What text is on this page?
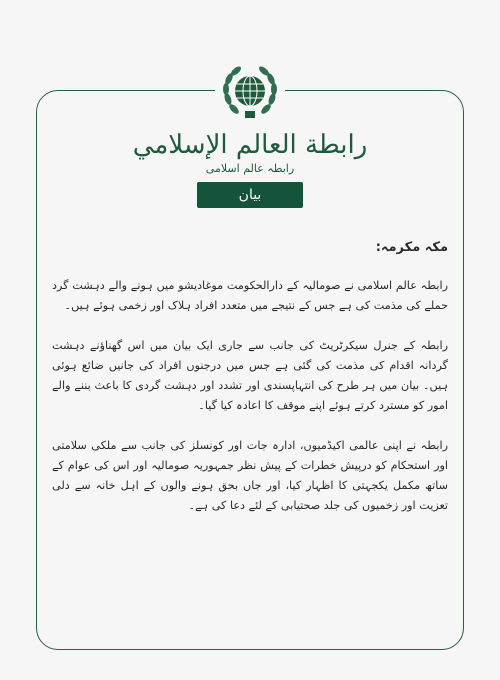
رابطة العالم الإسلامي
رابطہ عالم اسلامی
بیان

مکہ مکرمہ:

رابطہ عالم اسلامی نے صومالیہ کے دارالحکومت موغادیشو میں ہونے والے دہشت گرد حملے کی مذمت کی ہے جس کے نتیجے میں متعدد افراد ہلاک اور زخمی ہوئے ہیں۔

رابطہ کے جنرل سیکرٹریٹ کی جانب سے جاری ایک بیان میں اس گھناؤنے دہشت گردانہ اقدام کی مذمت کی گئی ہے جس میں درجنوں افراد کی جانیں ضائع ہوئی ہیں۔ بیان میں ہر طرح کی انتہاپسندی اور تشدد اور دہشت گردی کا باعث بننے والے امور کو مسترد کرتے ہوئے اپنے موقف کا اعادہ کیا گیا۔

رابطہ نے اپنی عالمی اکیڈمیوں، ادارہ جات اور کونسلز کی جانب سے ملکی سلامتی اور استحکام کو درپیش خطرات کے پیش نظر جمہوریہ صومالیہ اور اس کی عوام کے ساتھ مکمل یکجہتی کا اظہار کیا، اور جاں بحق ہونے والوں کے اہل خانہ سے دلی تعزیت اور زخمیوں کی جلد صحتیابی کے لئے دعا کی ہے۔
